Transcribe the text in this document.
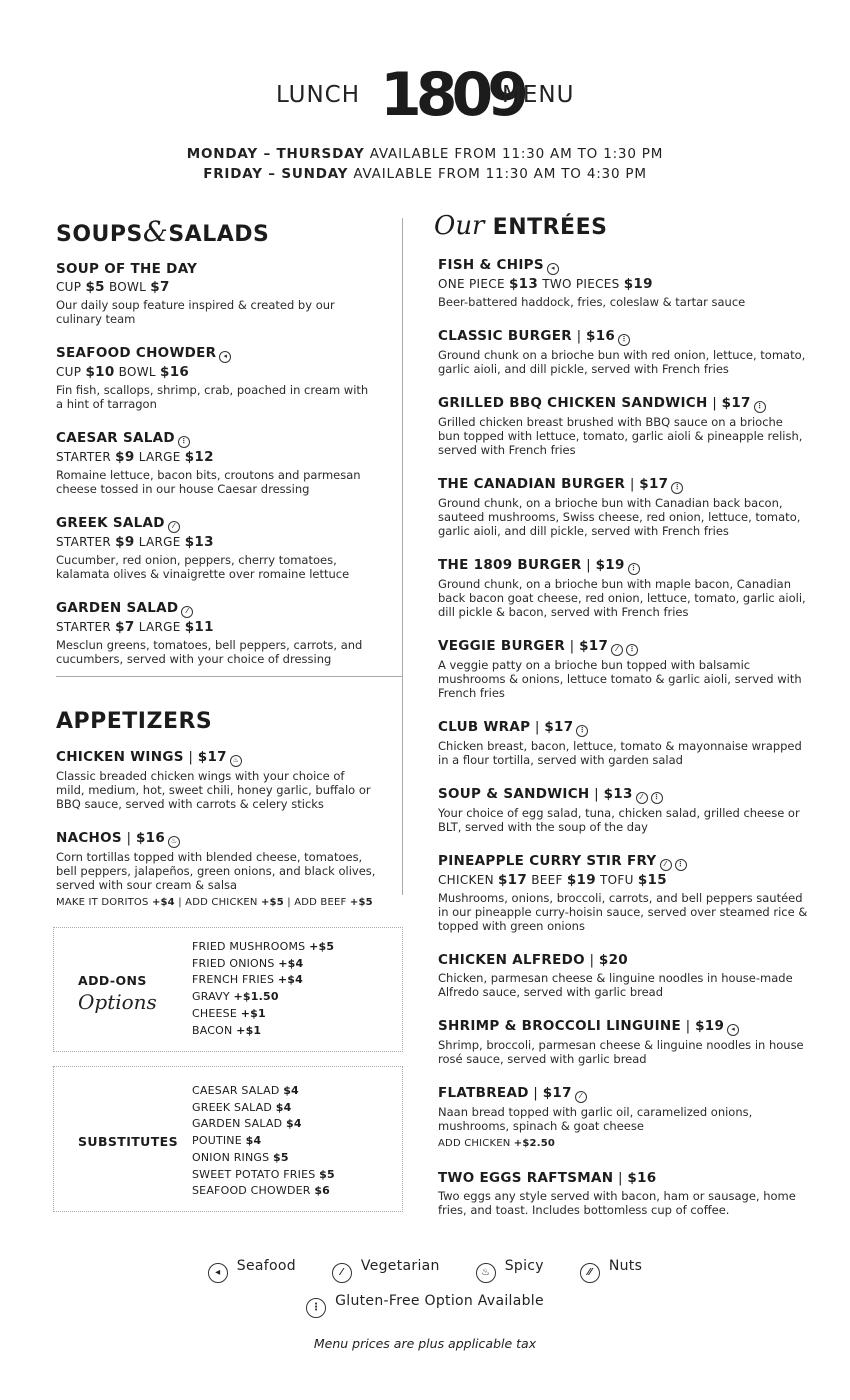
LUNCH 1809
MENU
MONDAY – THURSDAY AVAILABLE FROM 11:30 AM TO 1:30 PM
FRIDAY – SUNDAY AVAILABLE FROM 11:30 AM TO 4:30 PM
SOUPS&SALADS
SOUP OF THE DAY
CUP $5 BOWL $7
Our daily soup feature inspired & created by our culinary team
SEAFOOD CHOWDER ◂
CUP $10 BOWL $16
Fin fish, scallops, shrimp, crab, poached in cream with a hint of tarragon
CAESAR SALAD ⋮
STARTER $9 LARGE $12
Romaine lettuce, bacon bits, croutons and parmesan cheese tossed in our house Caesar dressing
GREEK SALAD ⁄
STARTER $9 LARGE $13
Cucumber, red onion, peppers, cherry tomatoes, kalamata olives & vinaigrette over romaine lettuce
GARDEN SALAD ⁄
STARTER $7 LARGE $11
Mesclun greens, tomatoes, bell peppers, carrots, and cucumbers, served with your choice of dressing
APPETIZERS
CHICKEN WINGS | $17 ♨
Classic breaded chicken wings with your choice of mild, medium, hot, sweet chili, honey garlic, buffalo or BBQ sauce, served with carrots & celery sticks
NACHOS | $16 ♨
Corn tortillas topped with blended cheese, tomatoes, bell peppers, jalapeños, green onions, and black olives, served with sour cream & salsa
MAKE IT DORITOS +$4 | ADD CHICKEN +$5 | ADD BEEF +$5
ADD-ONS
Options
FRIED MUSHROOMS +$5
FRIED ONIONS +$4
FRENCH FRIES +$4
GRAVY +$1.50
CHEESE +$1
BACON +$1
SUBSTITUTES
CAESAR SALAD $4
GREEK SALAD $4
GARDEN SALAD $4
POUTINE $4
ONION RINGS $5
SWEET POTATO FRIES $5
SEAFOOD CHOWDER $6
Our ENTRÉES
FISH & CHIPS ◂
ONE PIECE $13 TWO PIECES $19
Beer-battered haddock, fries, coleslaw & tartar sauce
CLASSIC BURGER | $16 ⋮
Ground chunk on a brioche bun with red onion, lettuce, tomato, garlic aioli, and dill pickle, served with French fries
GRILLED BBQ CHICKEN SANDWICH | $17 ⋮
Grilled chicken breast brushed with BBQ sauce on a brioche bun topped with lettuce, tomato, garlic aioli & pineapple relish, served with French fries
THE CANADIAN BURGER | $17 ⋮
Ground chunk, on a brioche bun with Canadian back bacon, sauteed mushrooms, Swiss cheese, red onion, lettuce, tomato, garlic aioli, and dill pickle, served with French fries
THE 1809 BURGER | $19 ⋮
Ground chunk, on a brioche bun with maple bacon, Canadian back bacon goat cheese, red onion, lettuce, tomato, garlic aioli, dill pickle & bacon, served with French fries
VEGGIE BURGER | $17 ⁄ ⋮
A veggie patty on a brioche bun topped with balsamic mushrooms & onions, lettuce tomato & garlic aioli, served with French fries
CLUB WRAP | $17 ⋮
Chicken breast, bacon, lettuce, tomato & mayonnaise wrapped in a flour tortilla, served with garden salad
SOUP & SANDWICH | $13 ⁄ ⋮
Your choice of egg salad, tuna, chicken salad, grilled cheese or BLT, served with the soup of the day
PINEAPPLE CURRY STIR FRY ⁄ ⋮
CHICKEN $17 BEEF $19 TOFU $15
Mushrooms, onions, broccoli, carrots, and bell peppers sautéed in our pineapple curry-hoisin sauce, served over steamed rice & topped with green onions
CHICKEN ALFREDO | $20
Chicken, parmesan cheese & linguine noodles in house-made Alfredo sauce, served with garlic bread
SHRIMP & BROCCOLI LINGUINE | $19 ◂
Shrimp, broccoli, parmesan cheese & linguine noodles in house rosé sauce, served with garlic bread
FLATBREAD | $17 ⁄
Naan bread topped with garlic oil, caramelized onions, mushrooms, spinach & goat cheese
ADD CHICKEN +$2.50
TWO EGGS RAFTSMAN | $16
Two eggs any style served with bacon, ham or sausage, home fries, and toast. Includes bottomless cup of coffee.
◂ Seafood	⁄ Vegetarian	♨ Spicy	⁄⁄ Nuts
⋮ Gluten-Free Option Available
Menu prices are plus applicable tax
